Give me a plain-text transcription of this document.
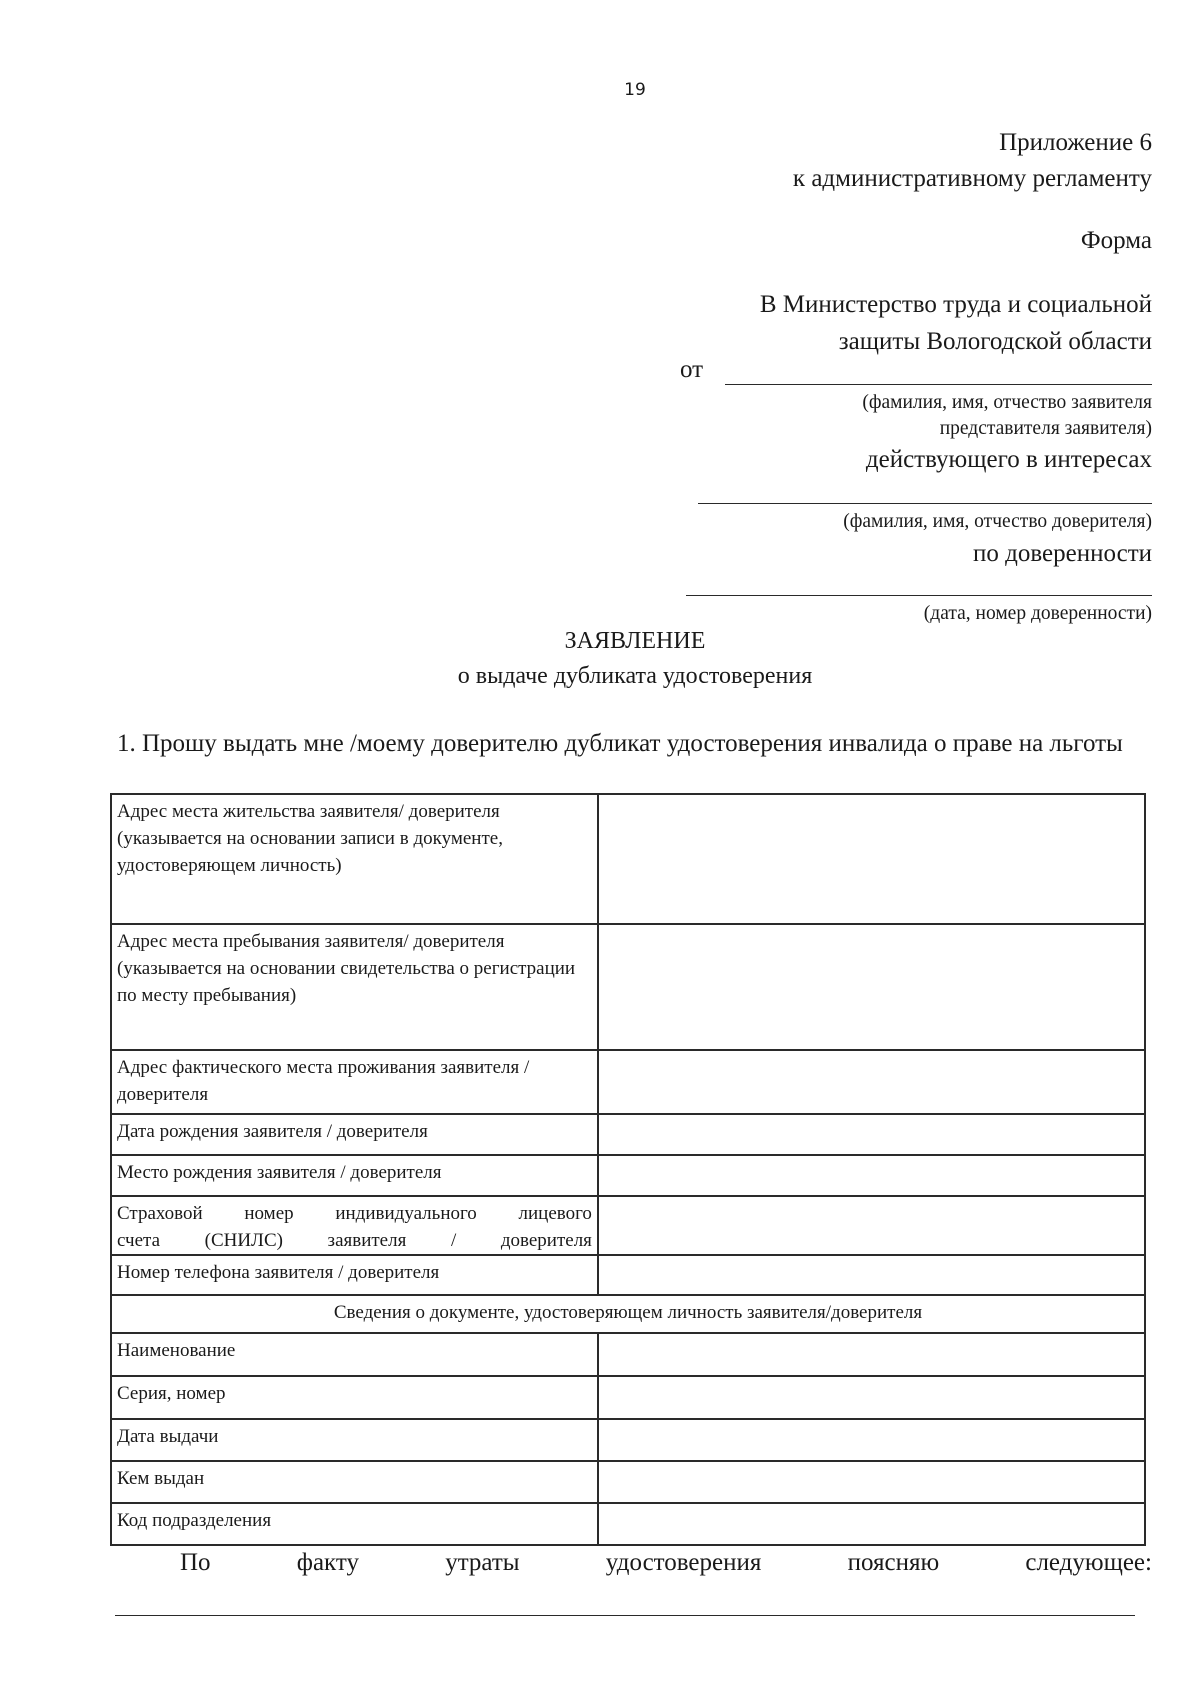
19
Приложение 6
к административному регламенту
Форма
В Министерство труда и социальной
защиты Вологодской области
от
(фамилия, имя, отчество заявителя
представителя заявителя)
действующего в интересах
(фамилия, имя, отчество доверителя)
по доверенности
(дата, номер доверенности)
ЗАЯВЛЕНИЕ
о выдаче дубликата удостоверения
1. Прошу выдать мне /моему доверителю дубликат удостоверения инвалида о праве на льготы
Адрес места жительства заявителя/ доверителя (указывается на основании записи в документе, удостоверяющем личность)	
Адрес места пребывания заявителя/ доверителя (указывается на основании свидетельства о регистрации по месту пребывания)	
Адрес фактического места проживания заявителя / доверителя	
Дата рождения заявителя / доверителя	
Место рождения заявителя / доверителя	
Страховой номер индивидуального лицевого
счета (СНИЛС) заявителя / доверителя	
Номер телефона заявителя / доверителя	
Сведения о документе, удостоверяющем личность заявителя/доверителя	
Наименование	
Серия, номер	
Дата выдачи	
Кем выдан	
Код подразделения	
По	факту	утраты	удостоверения	поясняю	следующее:
